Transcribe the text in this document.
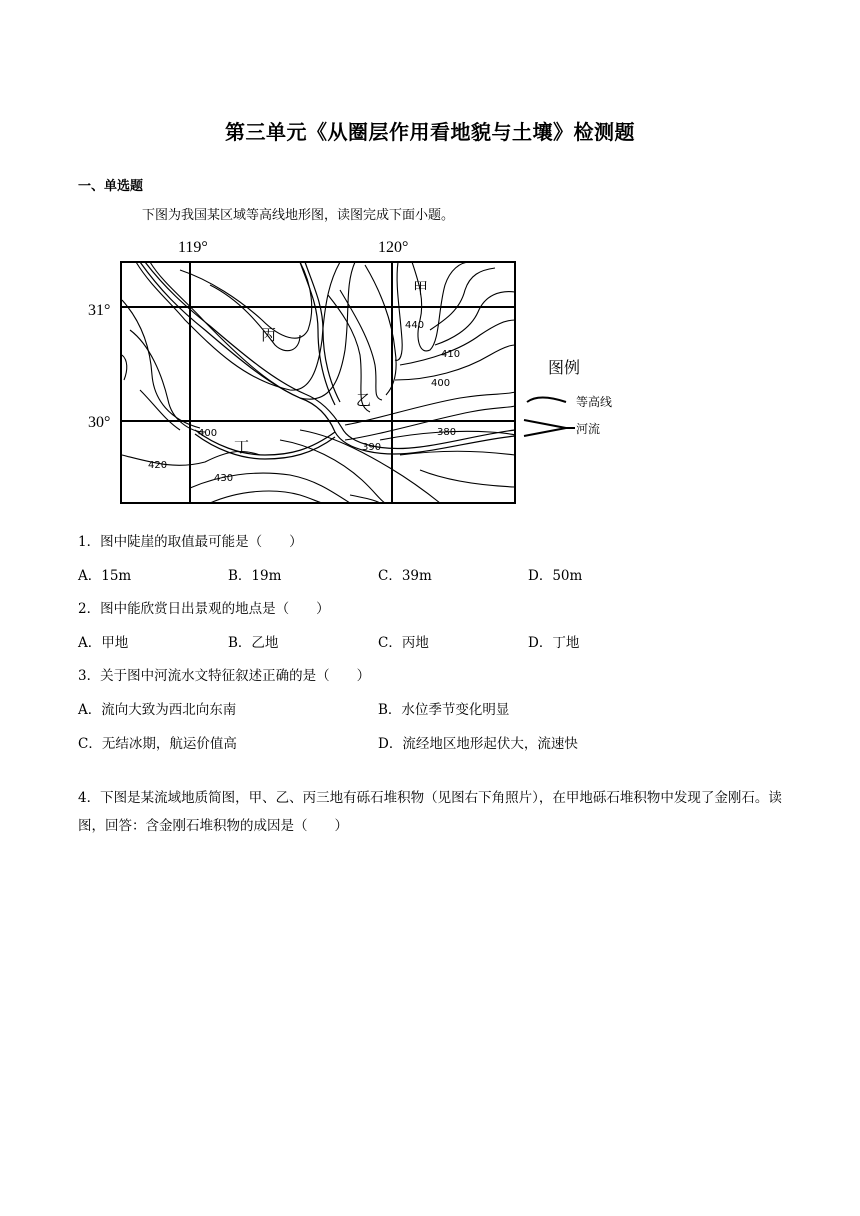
第三单元《从圈层作用看地貌与土壤》检测题
一、单选题
下图为我国某区域等高线地形图，读图完成下面小题。
119°	120°
31°
30°
440
410
400
400
390
380
420
430
甲
乙
丙
丁
图例
等高线
河流
1．图中陡崖的取值最可能是（　　）
A．15m	B．19m	C．39m	D．50m
2．图中能欣赏日出景观的地点是（　　）
A．甲地	B．乙地	C．丙地	D．丁地
3．关于图中河流水文特征叙述正确的是（　　）
A．流向大致为西北向东南	B．水位季节变化明显
C．无结冰期，航运价值高	D．流经地区地形起伏大，流速快
4．下图是某流域地质简图，甲、乙、丙三地有砾石堆积物（见图右下角照片），在甲地砾石堆积物中发现了金刚石。读图，回答：含金刚石堆积物的成因是（　　）
